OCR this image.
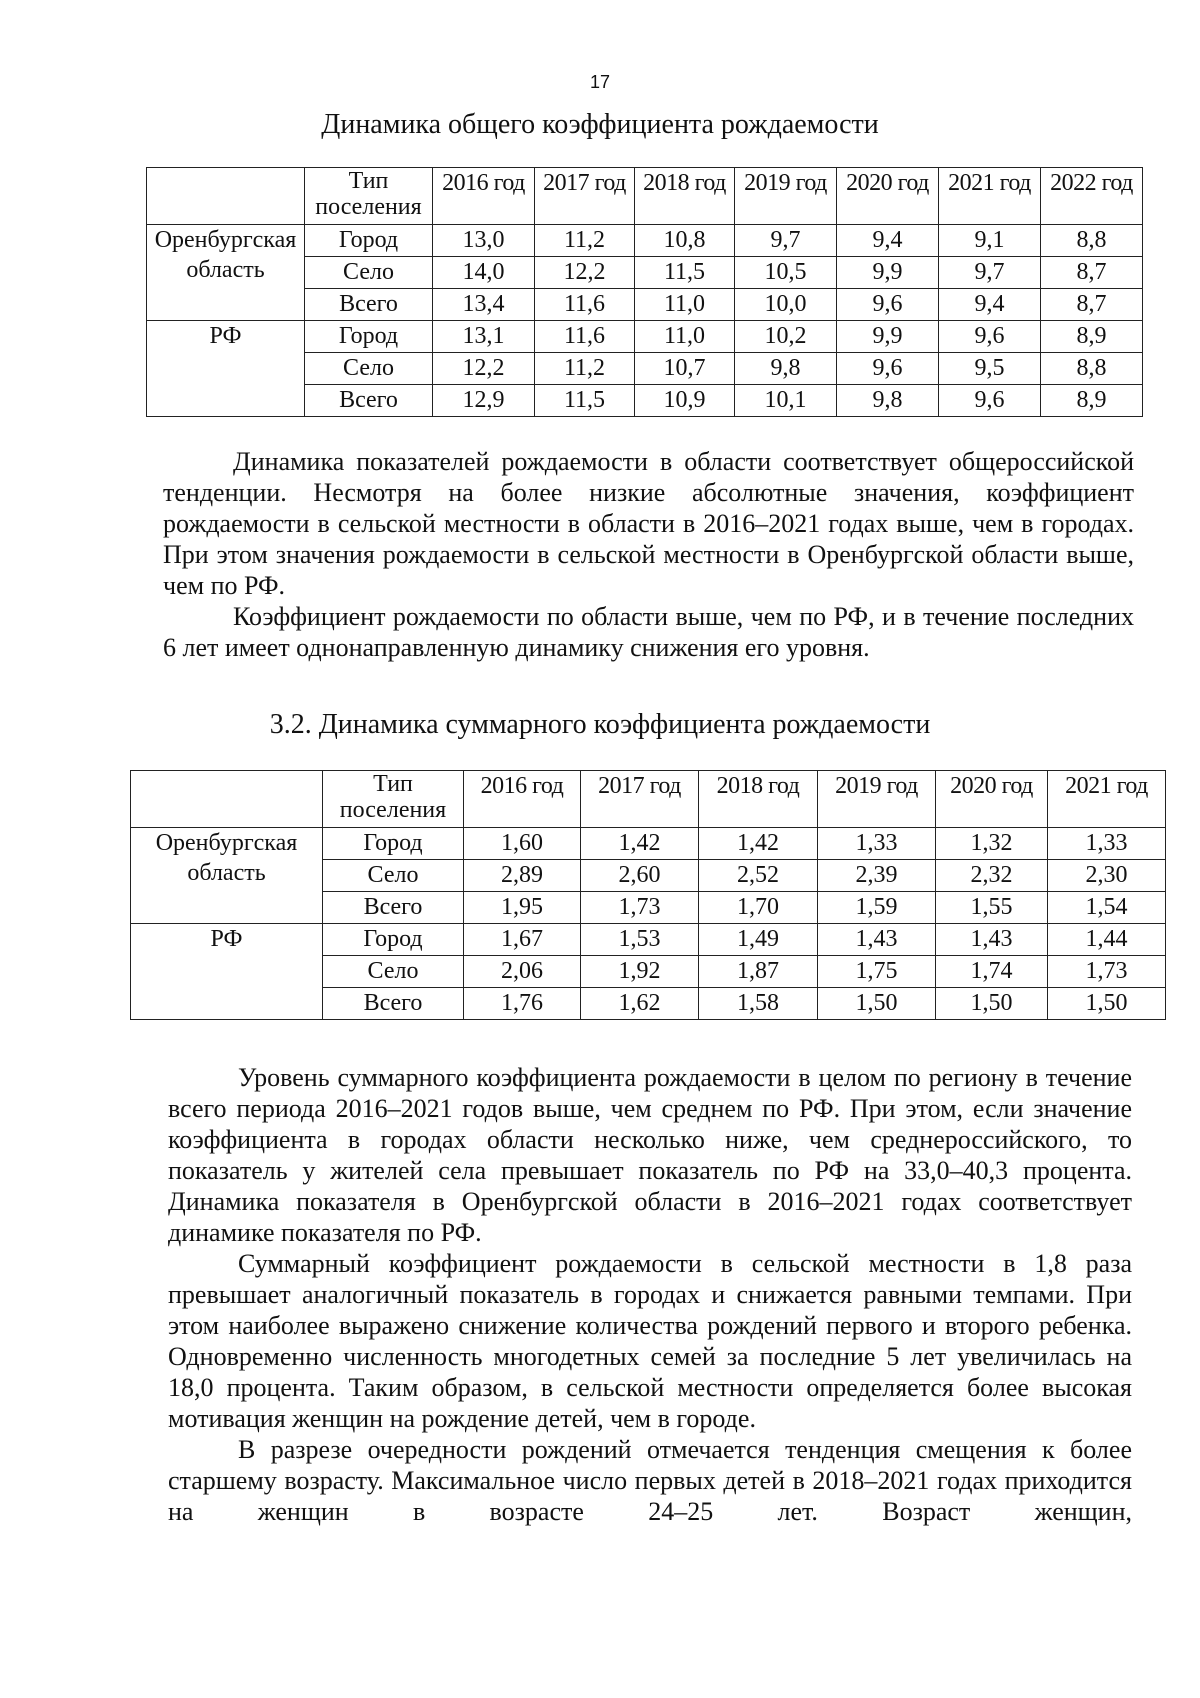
17
Динамика общего коэффициента рождаемости

	Тип
поселения	2016 год	2017 год	2018 год	2019 год	2020 год	2021 год	2022 год

Оренбургская
область	Город	13,0	11,2	10,8	9,7	9,4	9,1	8,8
	Село	14,0	12,2	11,5	10,5	9,9	9,7	8,7
	Всего	13,4	11,6	11,0	10,0	9,6	9,4	8,7

РФ	Город	13,1	11,6	11,0	10,2	9,9	9,6	8,9
	Село	12,2	11,2	10,7	9,8	9,6	9,5	8,8
	Всего	12,9	11,5	10,9	10,1	9,8	9,6	8,9

Динамика показателей рождаемости в области соответствует общероссийской тенденции. Несмотря на более низкие абсолютные значения, коэффициент рождаемости в сельской местности в области в 2016–2021 годах выше, чем в городах. При этом значения рождаемости в сельской местности в Оренбургской области выше, чем по РФ.

Коэффициент рождаемости по области выше, чем по РФ, и в течение последних 6 лет имеет однонаправленную динамику снижения его уровня.

3.2. Динамика суммарного коэффициента рождаемости

	Тип
поселения	2016 год	2017 год	2018 год	2019 год	2020 год	2021 год

Оренбургская
область	Город	1,60	1,42	1,42	1,33	1,32	1,33
	Село	2,89	2,60	2,52	2,39	2,32	2,30
	Всего	1,95	1,73	1,70	1,59	1,55	1,54

РФ	Город	1,67	1,53	1,49	1,43	1,43	1,44
	Село	2,06	1,92	1,87	1,75	1,74	1,73
	Всего	1,76	1,62	1,58	1,50	1,50	1,50

Уровень суммарного коэффициента рождаемости в целом по региону в течение всего периода 2016–2021 годов выше, чем среднем по РФ. При этом, если значение коэффициента в городах области несколько ниже, чем среднероссийского, то показатель у жителей села превышает показатель по РФ на 33,0–40,3 процента. Динамика показателя в Оренбургской области в 2016–2021 годах соответствует динамике показателя по РФ.

Суммарный коэффициент рождаемости в сельской местности в 1,8 раза превышает аналогичный показатель в городах и снижается равными темпами. При этом наиболее выражено снижение количества рождений первого и второго ребенка. Одновременно численность многодетных семей за последние 5 лет увеличилась на 18,0 процента. Таким образом, в сельской местности определяется более высокая мотивация женщин на рождение детей, чем в городе.

В разрезе очередности рождений отмечается тенденция смещения к более старшему возрасту. Максимальное число первых детей в 2018–2021 годах приходится на женщин в возрасте 24–25 лет. Возраст женщин,
